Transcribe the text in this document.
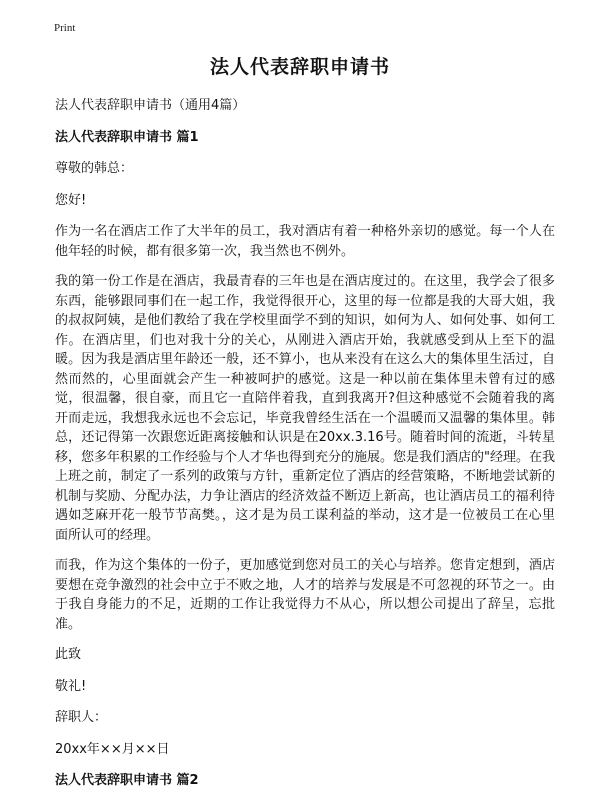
Print
法人代表辞职申请书

法人代表辞职申请书（通用4篇）

法人代表辞职申请书 篇1

尊敬的韩总：

您好!

作为一名在酒店工作了大半年的员工，我对酒店有着一种格外亲切的感觉。每一个人在他年轻的时候，都有很多第一次，我当然也不例外。

我的第一份工作是在酒店，我最青春的三年也是在酒店度过的。在这里，我学会了很多东西，能够跟同事们在一起工作，我觉得很开心，这里的每一位都是我的大哥大姐，我的叔叔阿姨，是他们教给了我在学校里面学不到的知识，如何为人、如何处事、如何工作。在酒店里，们也对我十分的关心，从刚进入酒店开始，我就感受到从上至下的温暖。因为我是酒店里年龄还一般，还不算小，也从来没有在这么大的集体里生活过，自然而然的，心里面就会产生一种被呵护的感觉。这是一种以前在集体里未曾有过的感觉，很温馨，很自豪，而且它一直陪伴着我，直到我离开?但这种感觉不会随着我的离开而走远，我想我永远也不会忘记，毕竟我曾经生活在一个温暖而又温馨的集体里。韩总，还记得第一次跟您近距离接触和认识是在20xx.3.16号。随着时间的流逝，斗转星移，您多年积累的工作经验与个人才华也得到充分的施展。您是我们酒店的"经理。在我上班之前，制定了一系列的政策与方针，重新定位了酒店的经营策略，不断地尝试新的机制与奖励、分配办法，力争让酒店的经济效益不断迈上新高，也让酒店员工的福利待遇如芝麻开花一般节节高樊。，这才是为员工谋利益的举动，这才是一位被员工在心里面所认可的经理。

而我，作为这个集体的一份子，更加感觉到您对员工的关心与培养。您肯定想到，酒店要想在竞争激烈的社会中立于不败之地，人才的培养与发展是不可忽视的环节之一。由于我自身能力的不足，近期的工作让我觉得力不从心，所以想公司提出了辞呈，忘批准。

此致

敬礼!

辞职人：

20xx年××月××日

法人代表辞职申请书 篇2
